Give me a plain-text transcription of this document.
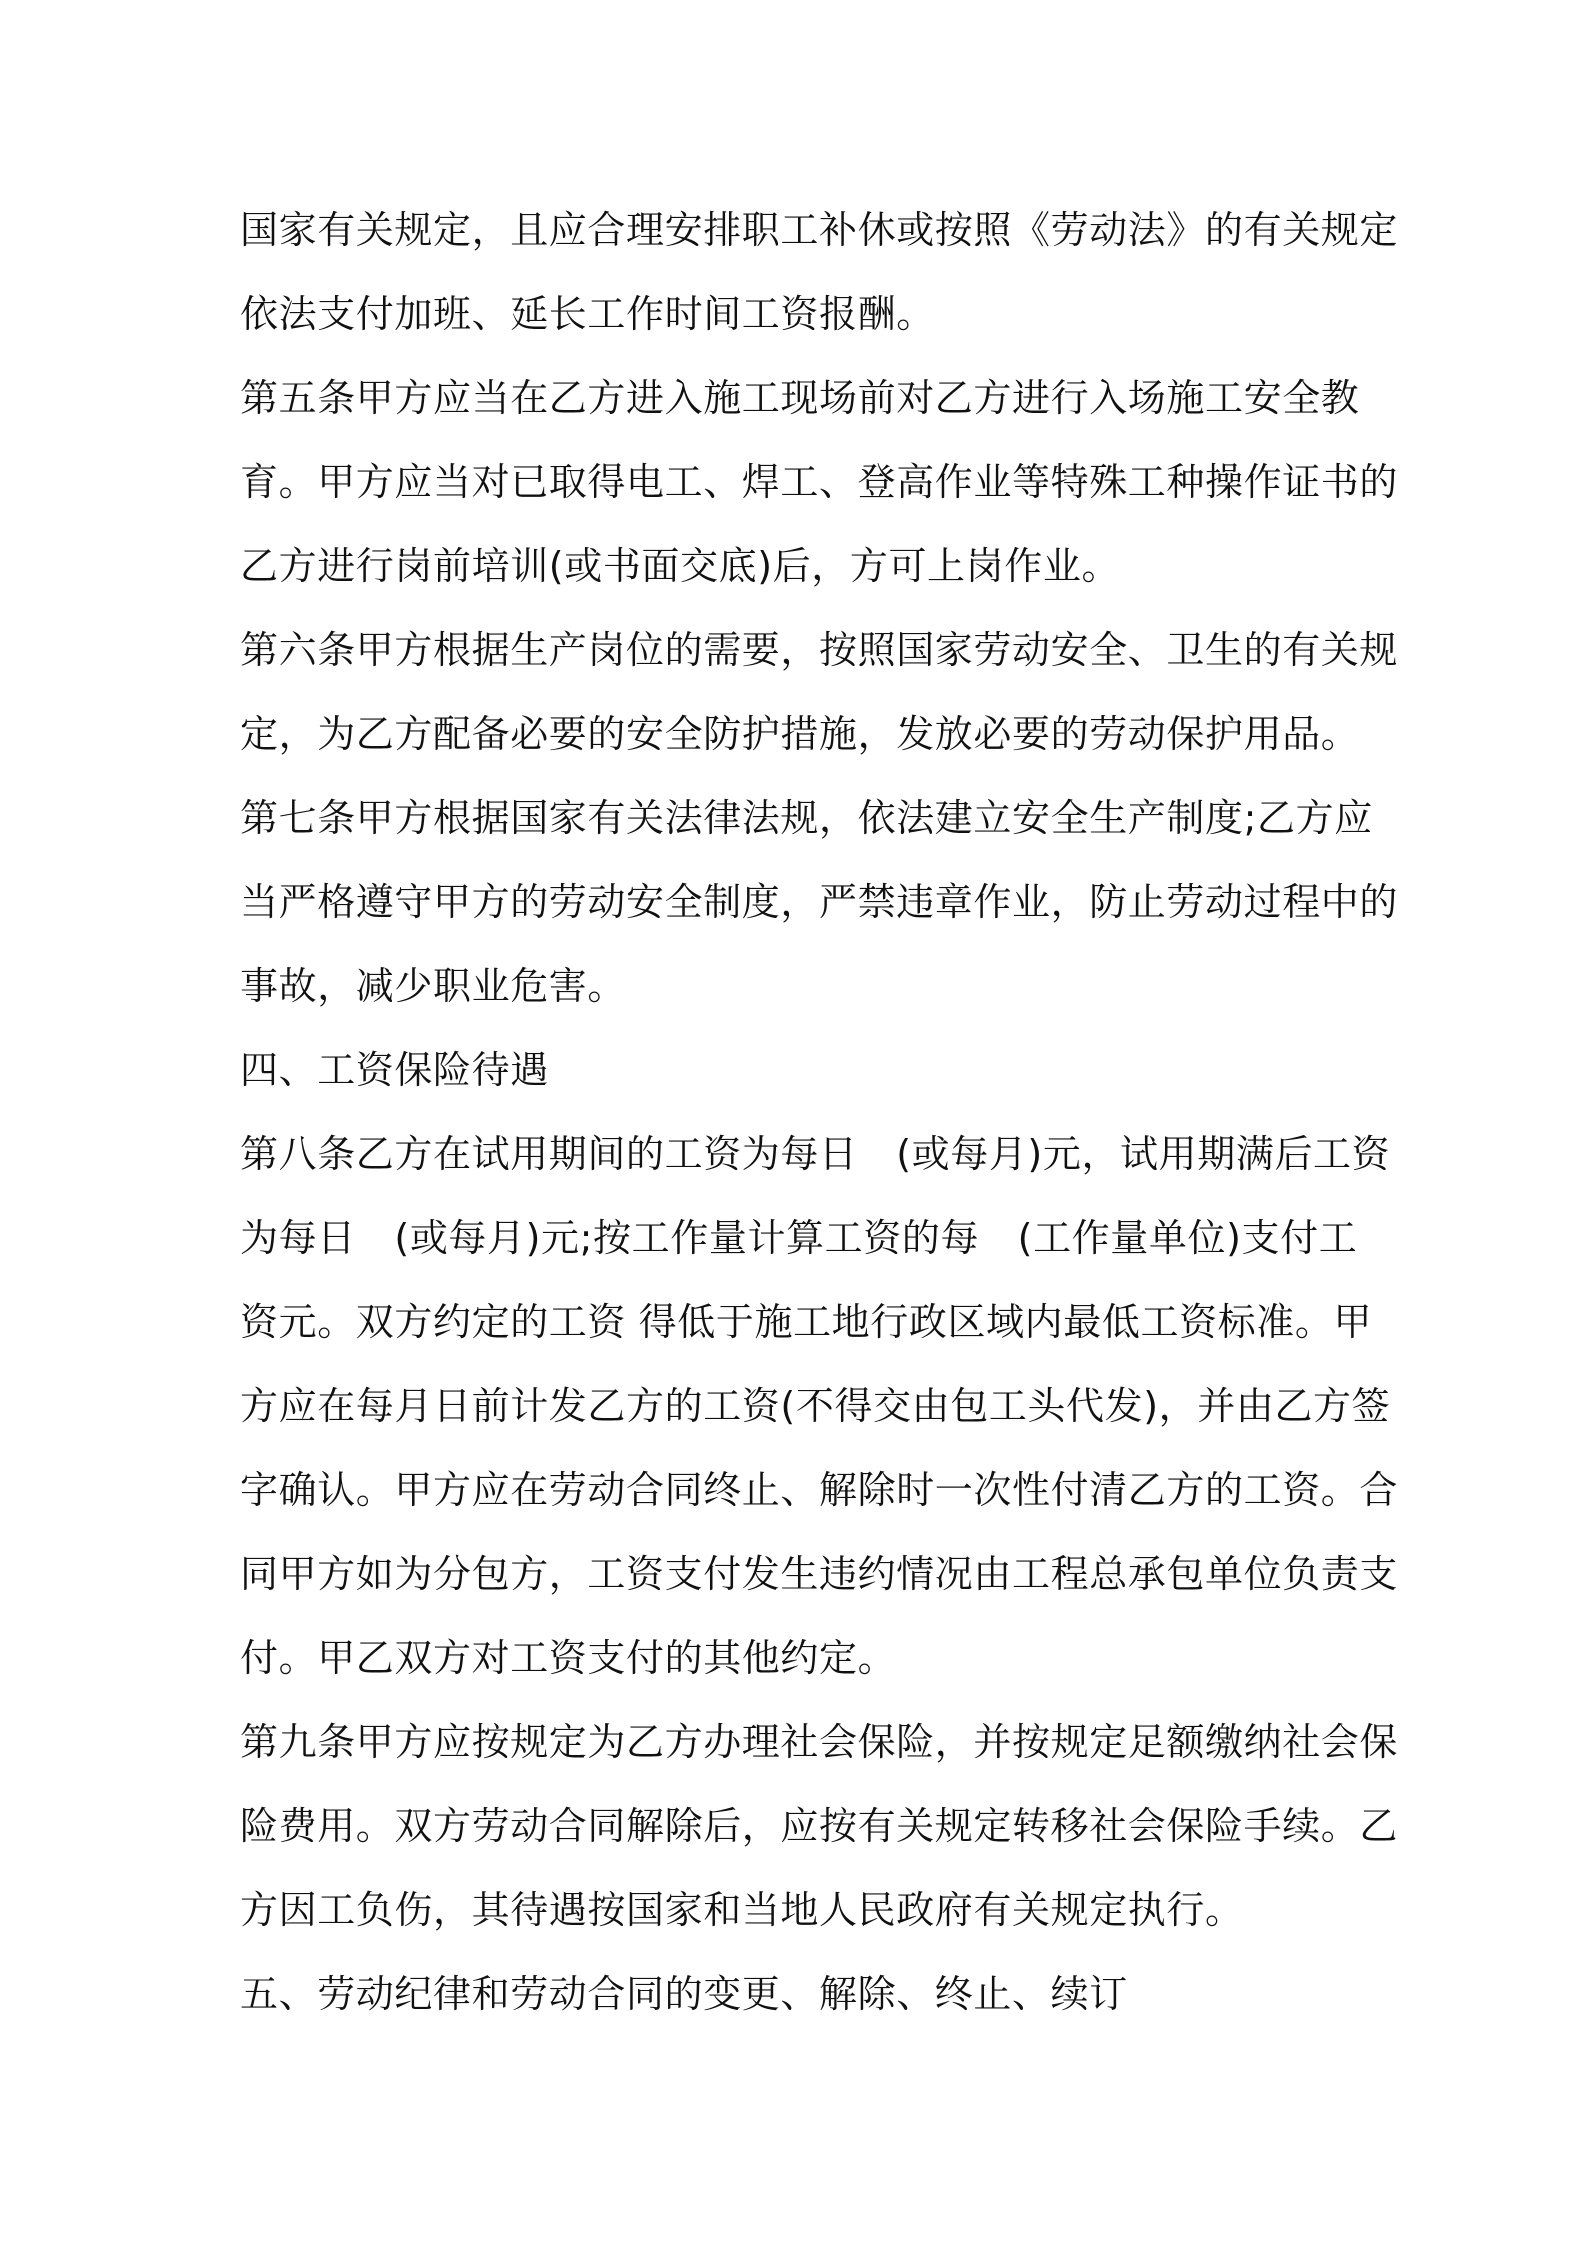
国家有关规定，且应合理安排职工补休或按照《劳动法》的有关规定
依法支付加班、延长工作时间工资报酬。
第五条甲方应当在乙方进入施工现场前对乙方进行入场施工安全教
育。甲方应当对已取得电工、焊工、登高作业等特殊工种操作证书的
乙方进行岗前培训(或书面交底)后，方可上岗作业。
第六条甲方根据生产岗位的需要，按照国家劳动安全、卫生的有关规
定，为乙方配备必要的安全防护措施，发放必要的劳动保护用品。
第七条甲方根据国家有关法律法规，依法建立安全生产制度;乙方应
当严格遵守甲方的劳动安全制度，严禁违章作业，防止劳动过程中的
事故，减少职业危害。
四、工资保险待遇
第八条乙方在试用期间的工资为每日　(或每月)元，试用期满后工资
为每日　(或每月)元;按工作量计算工资的每　(工作量单位)支付工
资元。双方约定的工资 得低于施工地行政区域内最低工资标准。甲
方应在每月日前计发乙方的工资(不得交由包工头代发)，并由乙方签
字确认。甲方应在劳动合同终止、解除时一次性付清乙方的工资。合
同甲方如为分包方，工资支付发生违约情况由工程总承包单位负责支
付。甲乙双方对工资支付的其他约定。
第九条甲方应按规定为乙方办理社会保险，并按规定足额缴纳社会保
险费用。双方劳动合同解除后，应按有关规定转移社会保险手续。乙
方因工负伤，其待遇按国家和当地人民政府有关规定执行。
五、劳动纪律和劳动合同的变更、解除、终止、续订
